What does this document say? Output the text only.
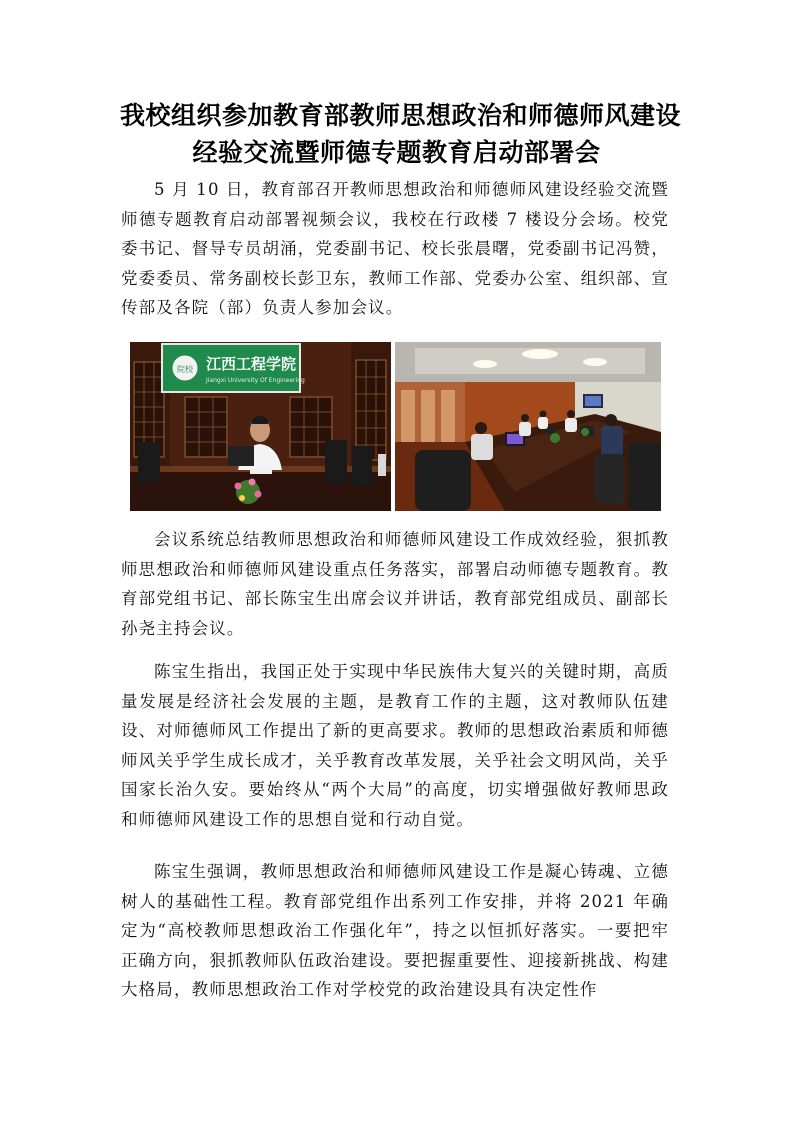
我校组织参加教育部教师思想政治和师德师风建设
经验交流暨师德专题教育启动部署会

5 月 10 日，教育部召开教师思想政治和师德师风建设经验交流暨师德专题教育启动部署视频会议，我校在行政楼 7 楼设分会场。校党委书记、督导专员胡涌，党委副书记、校长张晨曙，党委副书记冯赞，党委委员、常务副校长彭卫东，教师工作部、党委办公室、组织部、宣传部及各院（部）负责人参加会议。

院校 江西工程学院
Jiangxi University Of Engineering

会议系统总结教师思想政治和师德师风建设工作成效经验，狠抓教师思想政治和师德师风建设重点任务落实，部署启动师德专题教育。教育部党组书记、部长陈宝生出席会议并讲话，教育部党组成员、副部长孙尧主持会议。

陈宝生指出，我国正处于实现中华民族伟大复兴的关键时期，高质量发展是经济社会发展的主题，是教育工作的主题，这对教师队伍建设、对师德师风工作提出了新的更高要求。教师的思想政治素质和师德师风关乎学生成长成才，关乎教育改革发展，关乎社会文明风尚，关乎国家长治久安。要始终从“两个大局”的高度，切实增强做好教师思政和师德师风建设工作的思想自觉和行动自觉。

陈宝生强调，教师思想政治和师德师风建设工作是凝心铸魂、立德树人的基础性工程。教育部党组作出系列工作安排，并将 2021 年确定为“高校教师思想政治工作强化年”，持之以恒抓好落实。一要把牢正确方向，狠抓教师队伍政治建设。要把握重要性、迎接新挑战、构建大格局，教师思想政治工作对学校党的政治建设具有决定性作
